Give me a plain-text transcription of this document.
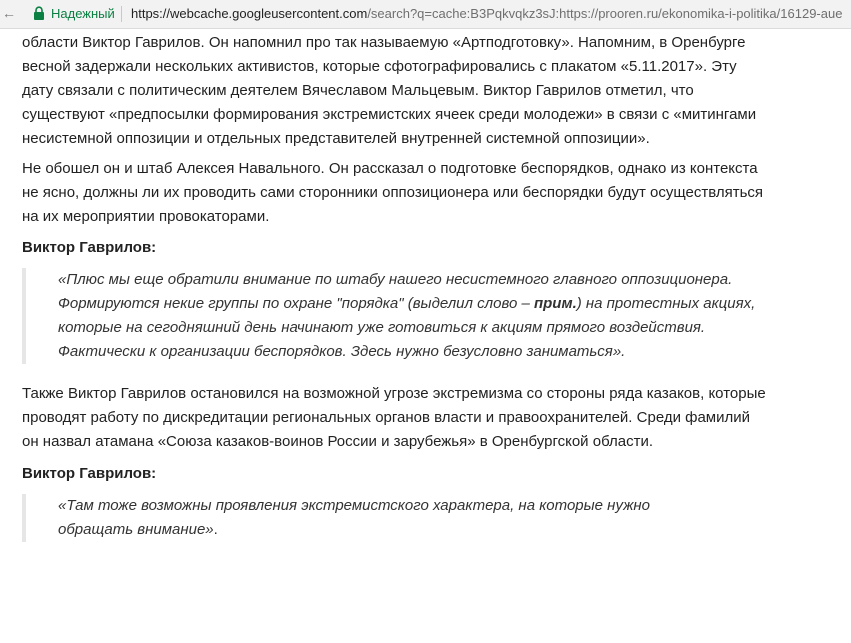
←	Надежный https://webcache.googleusercontent.com/search?q=cache:B3Pqkvqkz3sJ:https://prooren.ru/ekonomika-i-politika/16129-aue

области Виктор Гаврилов. Он напомнил про так называемую «Артподготовку». Напомним, в Оренбурге весной задержали нескольких активистов, которые сфотографировались с плакатом «5.11.2017». Эту дату связали с политическим деятелем Вячеславом Мальцевым. Виктор Гаврилов отметил, что существуют «предпосылки формирования экстремистских ячеек среди молодежи» в связи с «митингами несистемной оппозиции и отдельных представителей внутренней системной оппозиции».

Не обошел он и штаб Алексея Навального. Он рассказал о подготовке беспорядков, однако из контекста не ясно, должны ли их проводить сами сторонники оппозиционера или беспорядки будут осуществляться на их мероприятии провокаторами.

Виктор Гаврилов:
«Плюс мы еще обратили внимание по штабу нашего несистемного главного оппозиционера. Формируются некие группы по охране "порядка" (выделил слово – прим.) на протестных акциях, которые на сегодняшний день начинают уже готовиться к акциям прямого воздействия. Фактически к организации беспорядков. Здесь нужно безусловно заниматься».

Также Виктор Гаврилов остановился на возможной угрозе экстремизма со стороны ряда казаков, которые проводят работу по дискредитации региональных органов власти и правоохранителей. Среди фамилий он назвал атамана «Союза казаков-воинов России и зарубежья» в Оренбургской области.

Виктор Гаврилов:
«Там тоже возможны проявления экстремистского характера, на которые нужно обращать внимание».
